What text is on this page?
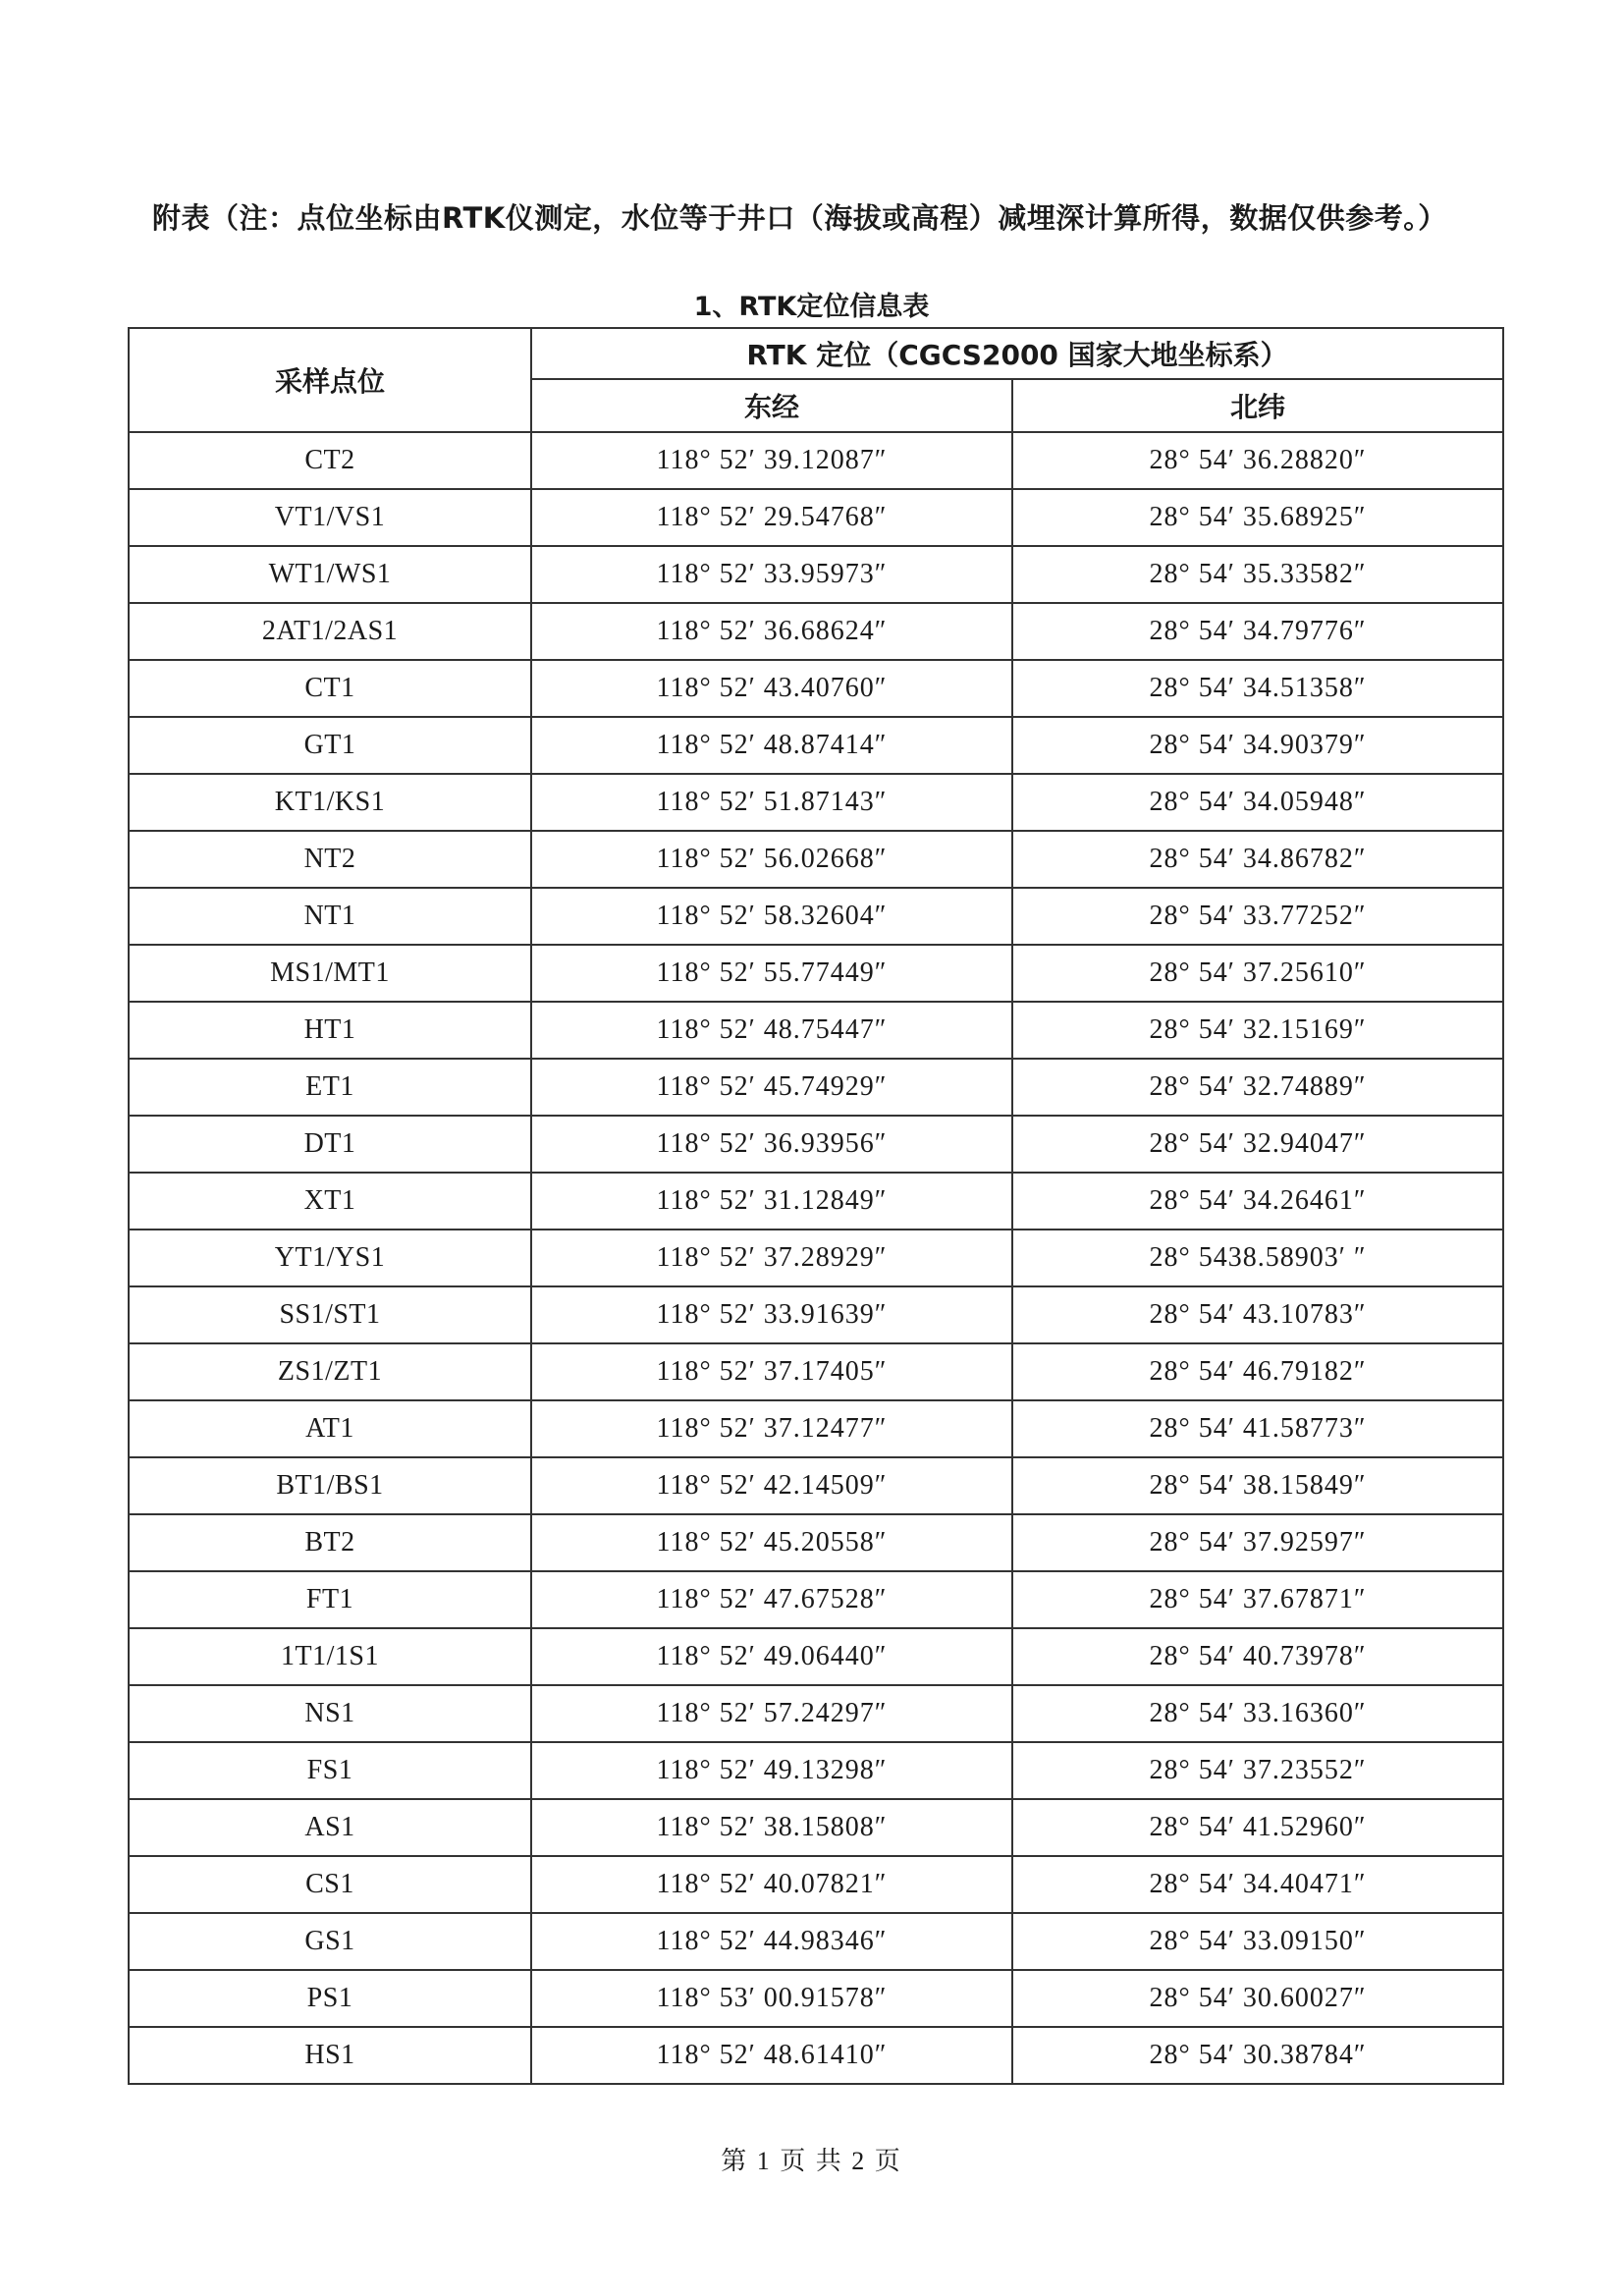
附表（注：点位坐标由RTK仪测定，水位等于井口（海拔或高程）减埋深计算所得，数据仅供参考。）
1、RTK定位信息表
采样点位	RTK 定位（CGCS2000 国家大地坐标系）	
	东经	北纬
CT2	118° 52′ 39.12087″	28° 54′ 36.28820″
VT1/VS1	118° 52′ 29.54768″	28° 54′ 35.68925″
WT1/WS1	118° 52′ 33.95973″	28° 54′ 35.33582″
2AT1/2AS1	118° 52′ 36.68624″	28° 54′ 34.79776″
CT1	118° 52′ 43.40760″	28° 54′ 34.51358″
GT1	118° 52′ 48.87414″	28° 54′ 34.90379″
KT1/KS1	118° 52′ 51.87143″	28° 54′ 34.05948″
NT2	118° 52′ 56.02668″	28° 54′ 34.86782″
NT1	118° 52′ 58.32604″	28° 54′ 33.77252″
MS1/MT1	118° 52′ 55.77449″	28° 54′ 37.25610″
HT1	118° 52′ 48.75447″	28° 54′ 32.15169″
ET1	118° 52′ 45.74929″	28° 54′ 32.74889″
DT1	118° 52′ 36.93956″	28° 54′ 32.94047″
XT1	118° 52′ 31.12849″	28° 54′ 34.26461″
YT1/YS1	118° 52′ 37.28929″	28° 5438.58903′ ″
SS1/ST1	118° 52′ 33.91639″	28° 54′ 43.10783″
ZS1/ZT1	118° 52′ 37.17405″	28° 54′ 46.79182″
AT1	118° 52′ 37.12477″	28° 54′ 41.58773″
BT1/BS1	118° 52′ 42.14509″	28° 54′ 38.15849″
BT2	118° 52′ 45.20558″	28° 54′ 37.92597″
FT1	118° 52′ 47.67528″	28° 54′ 37.67871″
1T1/1S1	118° 52′ 49.06440″	28° 54′ 40.73978″
NS1	118° 52′ 57.24297″	28° 54′ 33.16360″
FS1	118° 52′ 49.13298″	28° 54′ 37.23552″
AS1	118° 52′ 38.15808″	28° 54′ 41.52960″
CS1	118° 52′ 40.07821″	28° 54′ 34.40471″
GS1	118° 52′ 44.98346″	28° 54′ 33.09150″
PS1	118° 53′ 00.91578″	28° 54′ 30.60027″
HS1	118° 52′ 48.61410″	28° 54′ 30.38784″
第 1 页 共 2 页
